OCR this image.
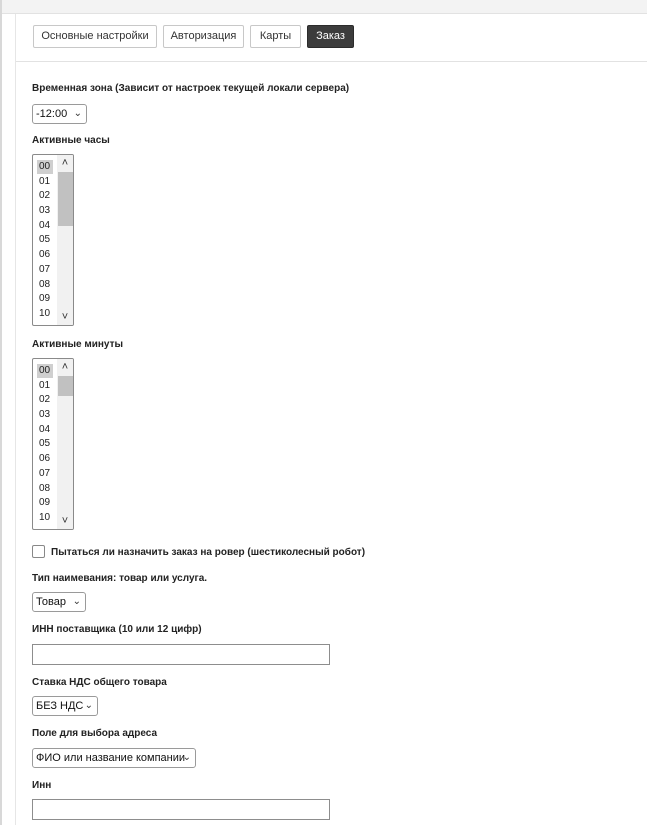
Основные настройки	Авторизация	Карты	Заказ
Временная зона (Зависит от настроек текущей локали сервера)
-12:00 ⌄
Активные часы
00
01
02
03
04
05
06
07
08
09
10
˄
˅
Активные минуты
00
01
02
03
04
05
06
07
08
09
10
˄
˅
Пытаться ли назначить заказ на ровер (шестиколесный робот)
Тип наимевания: товар или услуга.
Товар ⌄
ИНН поставщика (10 или 12 цифр)
Ставка НДС общего товара
БЕЗ НДС ⌄
Поле для выбора адреса
ФИО или название компании
⌄
Инн
